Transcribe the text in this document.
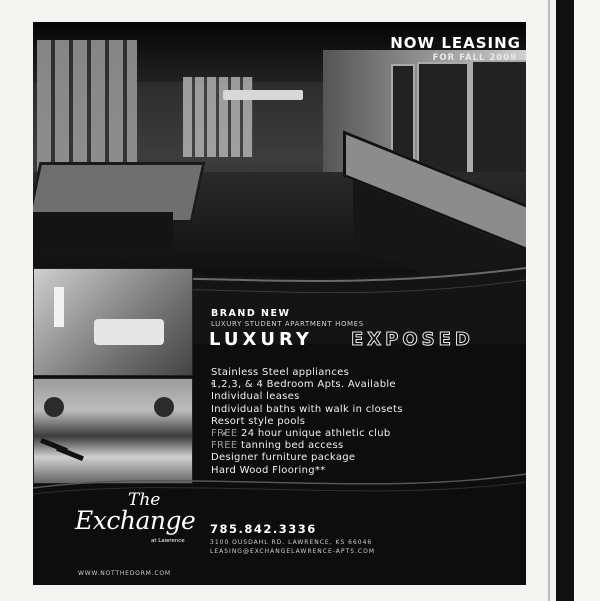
NOW LEASING
FOR FALL 2009
BRAND NEW
LUXURY STUDENT APARTMENT HOMES
LUXURY EXPOSED
Stainless Steel appliances
1,2,3, & 4 Bedroom Apts. Available
Individual leases
Individual baths with walk in closets
Resort style pools
FREE 24 hour unique athletic club
FREE tanning bed access
Designer furniture package
Hard Wood Flooring**
The
Exchange
at Lawrence
785.842.3336
3100 OUSDAHL RD. LAWRENCE, KS 66046
LEASING@EXCHANGELAWRENCE-APTS.COM
WWW.NOTTHEDORM.COM
